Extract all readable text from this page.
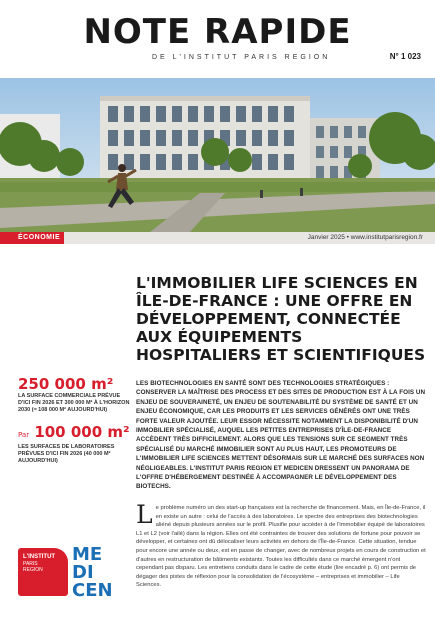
NOTE RAPIDE
DE L'INSTITUT PARIS REGION	N° 1 023
ÉCONOMIE	Janvier 2025 • www.institutparisregion.fr
L'IMMOBILIER LIFE SCIENCES EN ÎLE-DE-FRANCE : UNE OFFRE EN DÉVELOPPEMENT, CONNECTÉE AUX ÉQUIPEMENTS HOSPITALIERS ET SCIENTIFIQUES
250 000 m²
LA SURFACE COMMERCIALE PRÉVUE D'ICI FIN 2026 ET 300 000 M² À L'HORIZON 2030 (≈ 108 000 M² AUJOURD'HUI)
Par 100 000 m²
LES SURFACES DE LABORATOIRES PRÉVUES D'ICI FIN 2026 (40 000 M² AUJOURD'HUI)

LES BIOTECHNOLOGIES EN SANTÉ SONT DES TECHNOLOGIES STRATÉGIQUES : CONSERVER LA MAÎTRISE DES PROCESS ET DES SITES DE PRODUCTION EST À LA FOIS UN ENJEU DE SOUVERAINETÉ, UN ENJEU DE SOUTENABILITÉ DU SYSTÈME DE SANTÉ ET UN ENJEU ÉCONOMIQUE, CAR LES PRODUITS ET LES SERVICES GÉNÉRÉS ONT UNE TRÈS FORTE VALEUR AJOUTÉE. LEUR ESSOR NÉCESSITE NOTAMMENT LA DISPONIBILITÉ D'UN IMMOBILIER SPÉCIALISÉ, AUQUEL LES PETITES ENTREPRISES D'ÎLE-DE-FRANCE ACCÈDENT TRÈS DIFFICILEMENT. ALORS QUE LES TENSIONS SUR CE SEGMENT TRÈS SPÉCIALISÉ DU MARCHÉ IMMOBILIER SONT AU PLUS HAUT, LES PROMOTEURS DE L'IMMOBILIER LIFE SCIENCES METTENT DÉSORMAIS SUR LE MARCHÉ DES SURFACES NON NÉGLIGEABLES. L'INSTITUT PARIS REGION ET MEDICEN DRESSENT UN PANORAMA DE L'OFFRE D'HÉBERGEMENT DESTINÉE À ACCOMPAGNER LE DÉVELOPPEMENT DES BIOTECHS.

L e problème numéro un des start-up françaises est la recherche de financement. Mais, en Île-de-France, il en existe un autre : celui de l'accès à des laboratoires. Le spectre des entreprises des biotechnologies aliéné depuis plusieurs années sur le profil. Plusifie pour accéder à de l'immobilier équipé de laboratoires L1 et L2 (voir l'ailé) dans la région. Elles ont été contraintes de trouver des solutions de fortune pour pouvoir se développer, et certaines ont dû délocaliser leurs activités en dehors de l'Île-de-France. Cette situation, tendue pour encore une année ou deux, est en passe de changer, avec de nombreux projets en cours de construction et d'autres en restructuration de bâtiments existants. Toutes les difficultés dans ce marché émergent n'ont cependant pas disparu. Les entretiens conduits dans le cadre de cette étude (lire encadré p. 6) ont permis de dégager des pistes de réflexion pour la consolidation de l'écosystème – entreprises et immobilier – Life Sciences.
L'INSTITUT
PARIS
REGION
ME
DI
CEN
